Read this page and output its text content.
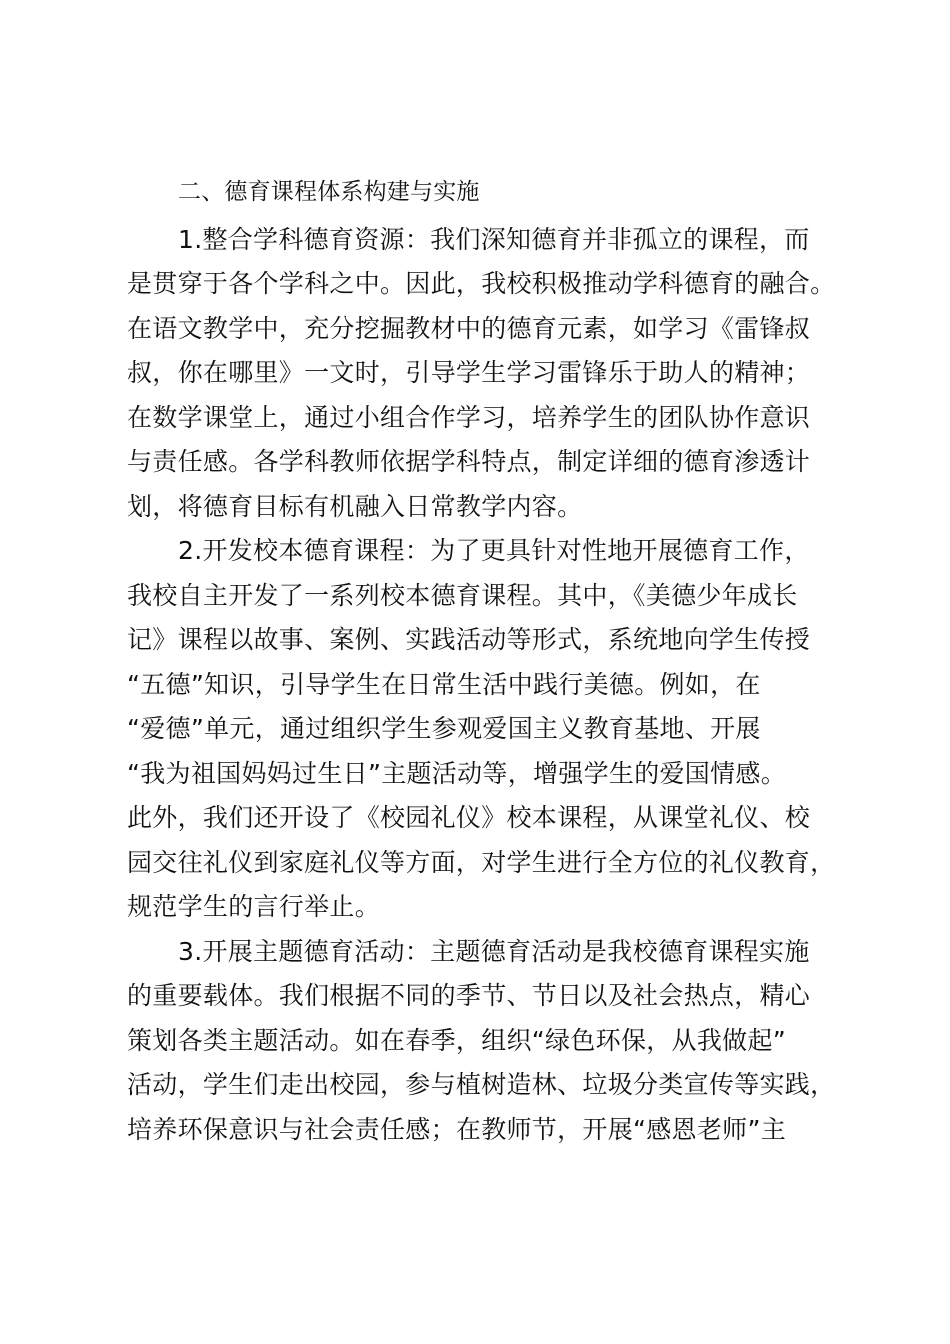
二、德育课程体系构建与实施
1.整合学科德育资源：我们深知德育并非孤立的课程，而
是贯穿于各个学科之中。因此，我校积极推动学科德育的融合。
在语文教学中，充分挖掘教材中的德育元素，如学习《雷锋叔
叔，你在哪里》一文时，引导学生学习雷锋乐于助人的精神；
在数学课堂上，通过小组合作学习，培养学生的团队协作意识
与责任感。各学科教师依据学科特点，制定详细的德育渗透计
划，将德育目标有机融入日常教学内容。
2.开发校本德育课程：为了更具针对性地开展德育工作，
我校自主开发了一系列校本德育课程。其中，《美德少年成长
记》课程以故事、案例、实践活动等形式，系统地向学生传授
“五德”知识，引导学生在日常生活中践行美德。例如，在
“爱德”单元，通过组织学生参观爱国主义教育基地、开展
“我为祖国妈妈过生日”主题活动等，增强学生的爱国情感。
此外，我们还开设了《校园礼仪》校本课程，从课堂礼仪、校
园交往礼仪到家庭礼仪等方面，对学生进行全方位的礼仪教育，
规范学生的言行举止。
3.开展主题德育活动：主题德育活动是我校德育课程实施
的重要载体。我们根据不同的季节、节日以及社会热点，精心
策划各类主题活动。如在春季，组织“绿色环保，从我做起”
活动，学生们走出校园，参与植树造林、垃圾分类宣传等实践，
培养环保意识与社会责任感；在教师节，开展“感恩老师”主
